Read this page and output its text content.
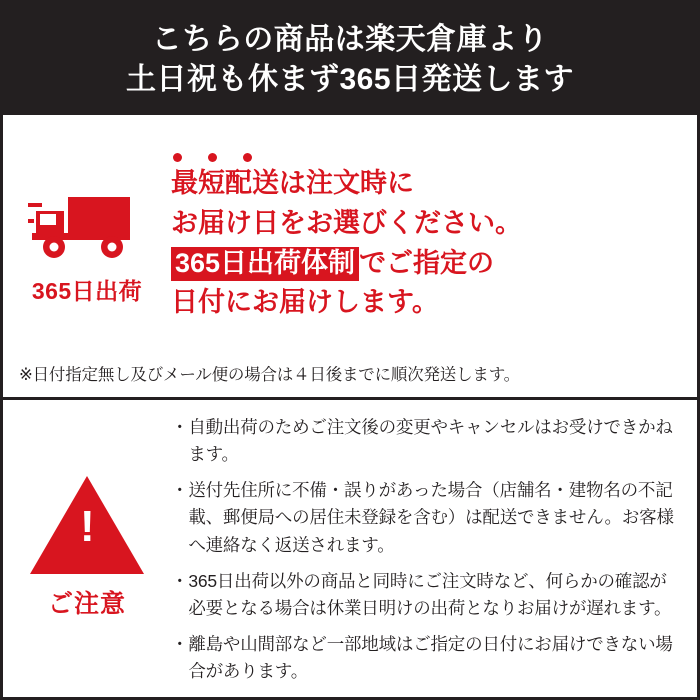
こちらの商品は楽天倉庫より
土日祝も休まず365日発送します
365日出荷
最短配送は注文時に
お届け日をお選びください。
365日出荷体制 でご指定の
日付にお届けします。
※日付指定無し及びメール便の場合は４日後までに順次発送します。
!
ご注意
・ 自動出荷のためご注文後の変更やキャンセルはお受けできかねます。
・ 送付先住所に不備・誤りがあった場合（店舗名・建物名の不記載、郵便局への居住未登録を含む）は配送できません。お客様へ連絡なく返送されます。
・ 365日出荷以外の商品と同時にご注文時など、何らかの確認が必要となる場合は休業日明けの出荷となりお届けが遅れます。
・ 離島や山間部など一部地域はご指定の日付にお届けできない場合があります。
